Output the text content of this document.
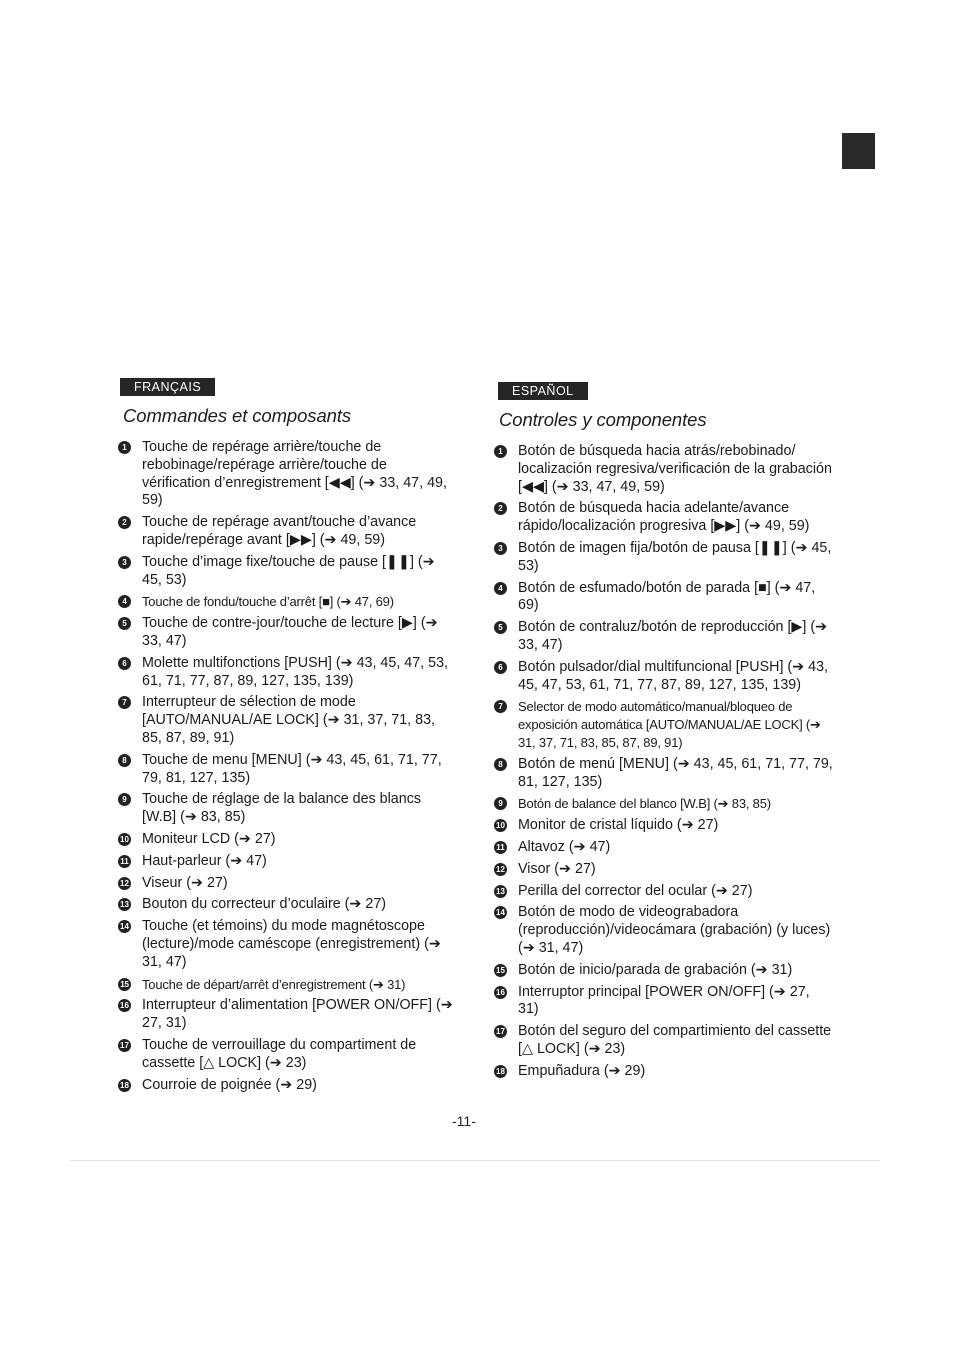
FRANÇAIS
Commandes et composants
1 Touche de repérage arrière/touche de rebobinage/repérage arrière/touche de vérification d’enregistrement [◀◀] (➔ 33, 47, 49, 59)
2 Touche de repérage avant/touche d’avance rapide/repérage avant [▶▶] (➔ 49, 59)
3 Touche d’image fixe/touche de pause [❚❚] (➔ 45, 53)
4	Touche de fondu/touche d’arrêt [■] (➔ 47, 69)
5 Touche de contre-jour/touche de lecture [▶] (➔ 33, 47)
6 Molette multifonctions [PUSH] (➔ 43, 45, 47, 53, 61, 71, 77, 87, 89, 127, 135, 139)
7 Interrupteur de sélection de mode [AUTO/MANUAL/AE LOCK] (➔ 31, 37, 71, 83, 85, 87, 89, 91)
8 Touche de menu [MENU] (➔ 43, 45, 61, 71, 77, 79, 81, 127, 135)
9 Touche de réglage de la balance des blancs [W.B] (➔ 83, 85)
10 Moniteur LCD (➔ 27)
11 Haut-parleur (➔ 47)
12 Viseur (➔ 27)
13 Bouton du correcteur d’oculaire (➔ 27)
14 Touche (et témoins) du mode magnétoscope (lecture)/mode caméscope (enregistrement) (➔ 31, 47)
15 Touche de départ/arrêt d’enregistrement (➔ 31)
16 Interrupteur d’alimentation [POWER ON/OFF] (➔ 27, 31)
17 Touche de verrouillage du compartiment de cassette [△ LOCK] (➔ 23)
18 Courroie de poignée (➔ 29)
ESPAÑOL
Controles y componentes
1 Botón de búsqueda hacia atrás/rebobinado/ localización regresiva/verificación de la grabación [◀◀] (➔ 33, 47, 49, 59)
2 Botón de búsqueda hacia adelante/avance rápido/localización progresiva [▶▶] (➔ 49, 59)
3 Botón de imagen fija/botón de pausa [❚❚] (➔ 45, 53)
4 Botón de esfumado/botón de parada [■] (➔ 47, 69)
5 Botón de contraluz/botón de reproducción [▶] (➔ 33, 47)
6 Botón pulsador/dial multifuncional [PUSH] (➔ 43, 45, 47, 53, 61, 71, 77, 87, 89, 127, 135, 139)
7	Selector de modo automático/manual/bloqueo de exposición automática [AUTO/MANUAL/AE LOCK] (➔ 31, 37, 71, 83, 85, 87, 89, 91)
8 Botón de menú [MENU] (➔ 43, 45, 61, 71, 77, 79, 81, 127, 135)
9	Botón de balance del blanco [W.B] (➔ 83, 85)
10 Monitor de cristal líquido (➔ 27)
11 Altavoz (➔ 47)
12 Visor (➔ 27)
13 Perilla del corrector del ocular (➔ 27)
14 Botón de modo de videograbadora (reproducción)/videocámara (grabación) (y luces) (➔ 31, 47)
15 Botón de inicio/parada de grabación (➔ 31)
16 Interruptor principal [POWER ON/OFF] (➔ 27, 31)
17 Botón del seguro del compartimiento del cassette [△ LOCK] (➔ 23)
18 Empuñadura (➔ 29)
-11-
